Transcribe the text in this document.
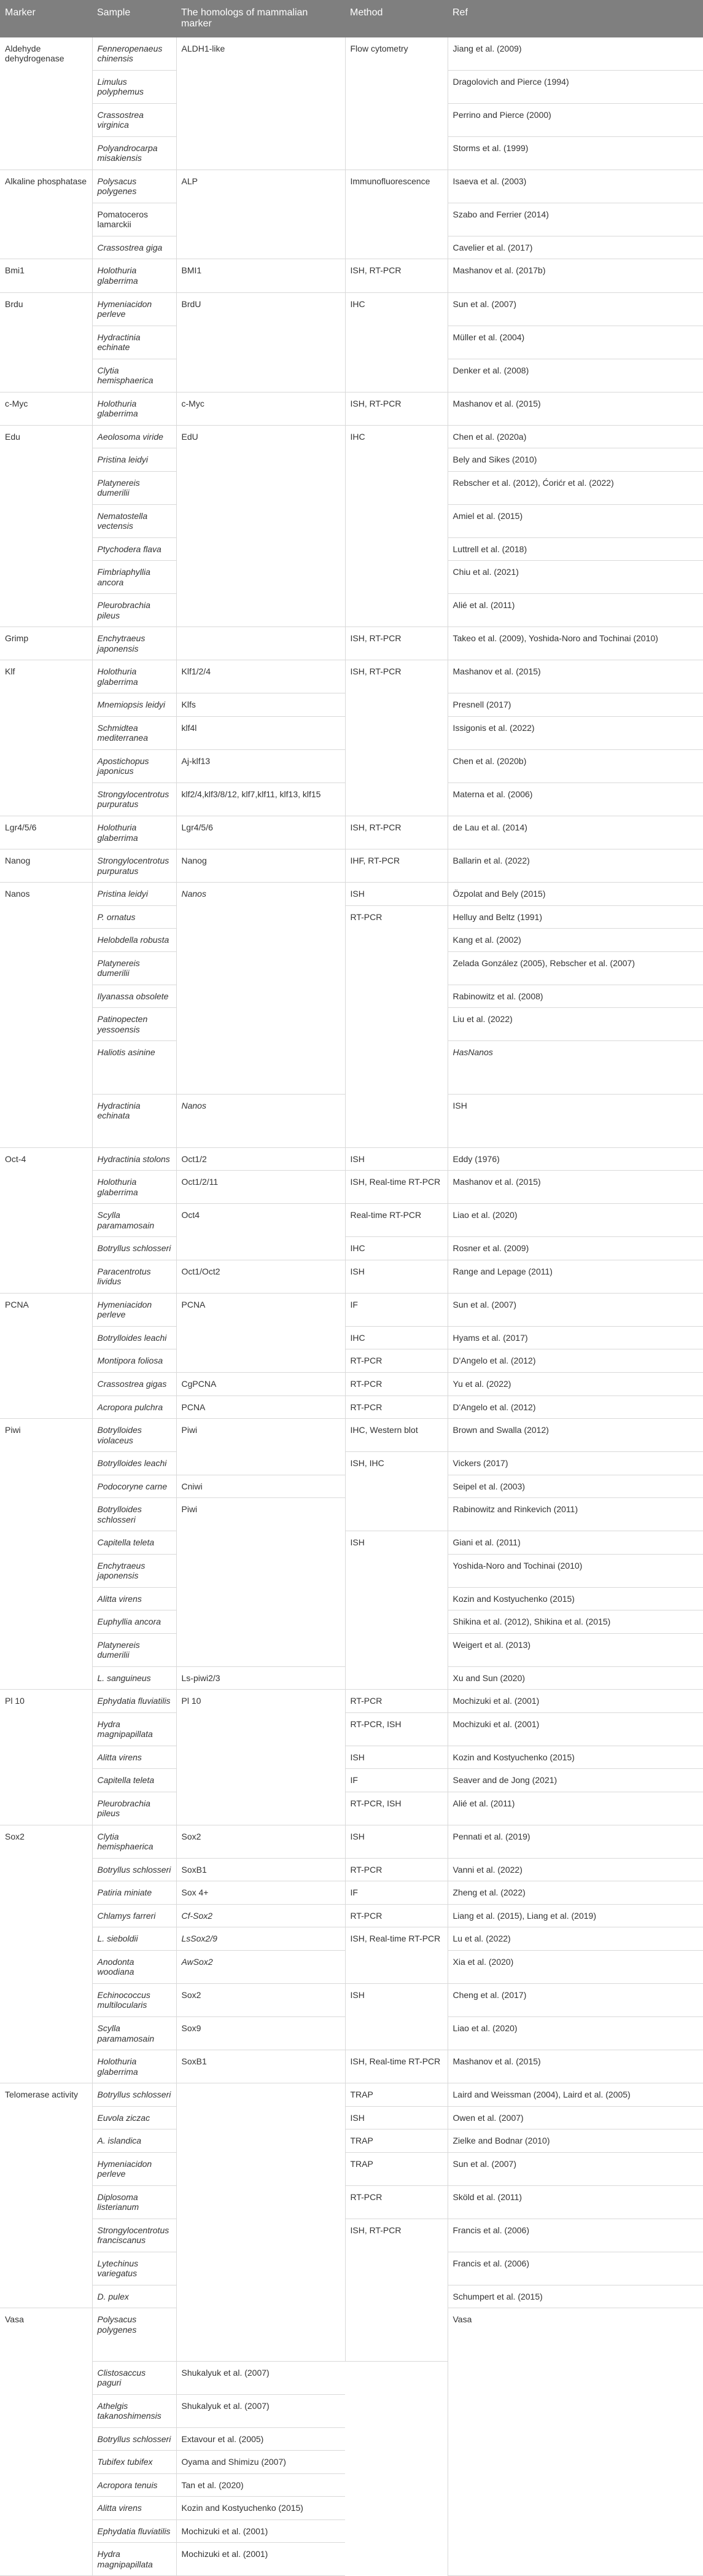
Marker	Sample	The homologs of mammalian marker	Method	Ref	
Aldehyde dehydrogenase	Fenneropenaeus chinensis	ALDH1-like	Flow cytometry	Jiang et al. (2009)	
	Limulus polyphemus			Dragolovich and Pierce (1994)	
	Crassostrea virginica			Perrino and Pierce (2000)	
	Polyandrocarpa misakiensis			Storms et al. (1999)	
Alkaline phosphatase	Polysacus polygenes	ALP	Immunofluorescence	Isaeva et al. (2003)	
	Pomatoceros lamarckii			Szabo and Ferrier (2014)	
	Crassostrea giga			Cavelier et al. (2017)	
Bmi1	Holothuria glaberrima	BMI1	ISH, RT-PCR	Mashanov et al. (2017b)	
Brdu	Hymeniacidon perleve	BrdU	IHC	Sun et al. (2007)	
	Hydractinia echinate			Müller et al. (2004)	
	Clytia hemisphaerica			Denker et al. (2008)	
c-Myc	Holothuria glaberrima	c-Myc	ISH, RT-PCR	Mashanov et al. (2015)	
Edu	Aeolosoma viride	EdU	IHC	Chen et al. (2020a)	
	Pristina leidyi			Bely and Sikes (2010)	
	Platynereis dumerilii			Rebscher et al. (2012), Ćorićr et al. (2022)	
	Nematostella vectensis			Amiel et al. (2015)	
	Ptychodera flava			Luttrell et al. (2018)	
	Fimbriaphyllia ancora			Chiu et al. (2021)	
	Pleurobrachia pileus			Alié et al. (2011)	
Grimp	Enchytraeus japonensis		ISH, RT-PCR	Takeo et al. (2009), Yoshida-Noro and Tochinai (2010)	
Klf	Holothuria glaberrima	Klf1/2/4	ISH, RT-PCR	Mashanov et al. (2015)	
	Mnemiopsis leidyi	Klfs		Presnell (2017)	
	Schmidtea mediterranea	klf4l		Issigonis et al. (2022)	
	Apostichopus japonicus	Aj-klf13		Chen et al. (2020b)	
	Strongylocentrotus purpuratus	klf2/4,klf3/8/12, klf7,klf11, klf13, klf15		Materna et al. (2006)	
Lgr4/5/6	Holothuria glaberrima	Lgr4/5/6	ISH, RT-PCR	de Lau et al. (2014)	
Nanog	Strongylocentrotus purpuratus	Nanog	IHF, RT-PCR	Ballarin et al. (2022)	
Nanos	Pristina leidyi	Nanos	ISH	Özpolat and Bely (2015)	
	P. ornatus		RT-PCR	Helluy and Beltz (1991)	
	Helobdella robusta			Kang et al. (2002)	
	Platynereis dumerilii			Zelada González (2005), Rebscher et al. (2007)	
	Ilyanassa obsolete			Rabinowitz et al. (2008)	
	Patinopecten yessoensis			Liu et al. (2022)	
	Haliotis asinine			HasNanos	
	Hydractinia echinata	Nanos		ISH	
Oct-4	Hydractinia stolons	Oct1/2	ISH	Eddy (1976)	
	Holothuria glaberrima	Oct1/2/11	ISH, Real-time RT-PCR	Mashanov et al. (2015)	
	Scylla paramamosain	Oct4	Real-time RT-PCR	Liao et al. (2020)	
	Botryllus schlosseri		IHC	Rosner et al. (2009)	
	Paracentrotus lividus	Oct1/Oct2	ISH	Range and Lepage (2011)	
PCNA	Hymeniacidon perleve	PCNA	IF	Sun et al. (2007)	
	Botrylloides leachi		IHC	Hyams et al. (2017)	
	Montipora foliosa		RT-PCR	D'Angelo et al. (2012)	
	Crassostrea gigas	CgPCNA	RT-PCR	Yu et al. (2022)	
	Acropora pulchra	PCNA	RT-PCR	D'Angelo et al. (2012)	
Piwi	Botrylloides violaceus	Piwi	IHC, Western blot	Brown and Swalla (2012)	
	Botrylloides leachi		ISH, IHC	Vickers (2017)	
	Podocoryne carne	Cniwi		Seipel et al. (2003)	
	Botrylloides schlosseri	Piwi		Rabinowitz and Rinkevich (2011)	
	Capitella teleta		ISH	Giani et al. (2011)	
	Enchytraeus japonensis			Yoshida-Noro and Tochinai (2010)	
	Alitta virens			Kozin and Kostyuchenko (2015)	
	Euphyllia ancora			Shikina et al. (2012), Shikina et al. (2015)	
	Platynereis dumerilii			Weigert et al. (2013)	
	L. sanguineus	Ls-piwi2/3		Xu and Sun (2020)	
Pl 10	Ephydatia fluviatilis	Pl 10	RT-PCR	Mochizuki et al. (2001)	
	Hydra magnipapillata		RT-PCR, ISH	Mochizuki et al. (2001)	
	Alitta virens		ISH	Kozin and Kostyuchenko (2015)	
	Capitella teleta		IF	Seaver and de Jong (2021)	
	Pleurobrachia pileus		RT-PCR, ISH	Alié et al. (2011)	
Sox2	Clytia hemisphaerica	Sox2	ISH	Pennati et al. (2019)	
	Botryllus schlosseri	SoxB1	RT-PCR	Vanni et al. (2022)	
	Patiria miniate	Sox 4+	IF	Zheng et al. (2022)	
	Chlamys farreri	Cf-Sox2	RT-PCR	Liang et al. (2015), Liang et al. (2019)	
	L. sieboldii	LsSox2/9	ISH, Real-time RT-PCR	Lu et al. (2022)	
	Anodonta woodiana	AwSox2		Xia et al. (2020)	
	Echinococcus multilocularis	Sox2	ISH	Cheng et al. (2017)	
	Scylla paramamosain	Sox9		Liao et al. (2020)	
	Holothuria glaberrima	SoxB1	ISH, Real-time RT-PCR	Mashanov et al. (2015)	
Telomerase activity	Botryllus schlosseri		TRAP	Laird and Weissman (2004), Laird et al. (2005)	
	Euvola ziczac		ISH	Owen et al. (2007)	
	A. islandica		TRAP	Zielke and Bodnar (2010)	
	Hymeniacidon perleve		TRAP	Sun et al. (2007)	
	Diplosoma listerianum		RT-PCR	Sköld et al. (2011)	
	Strongylocentrotus franciscanus		ISH, RT-PCR	Francis et al. (2006)	
	Lytechinus variegatus			Francis et al. (2006)	
	D. pulex			Schumpert et al. (2015)	
Vasa	Polysacus polygenes			Vasa		
	Clistosaccus paguri	Shukalyuk et al. (2007)			
	Athelgis takanoshimensis	Shukalyuk et al. (2007)			
	Botryllus schlosseri	Extavour et al. (2005)			
	Tubifex tubifex	Oyama and Shimizu (2007)			
	Acropora tenuis	Tan et al. (2020)			
	Alitta virens	Kozin and Kostyuchenko (2015)			
	Ephydatia fluviatilis	Mochizuki et al. (2001)			
	Hydra magnipapillata	Mochizuki et al. (2001)			
